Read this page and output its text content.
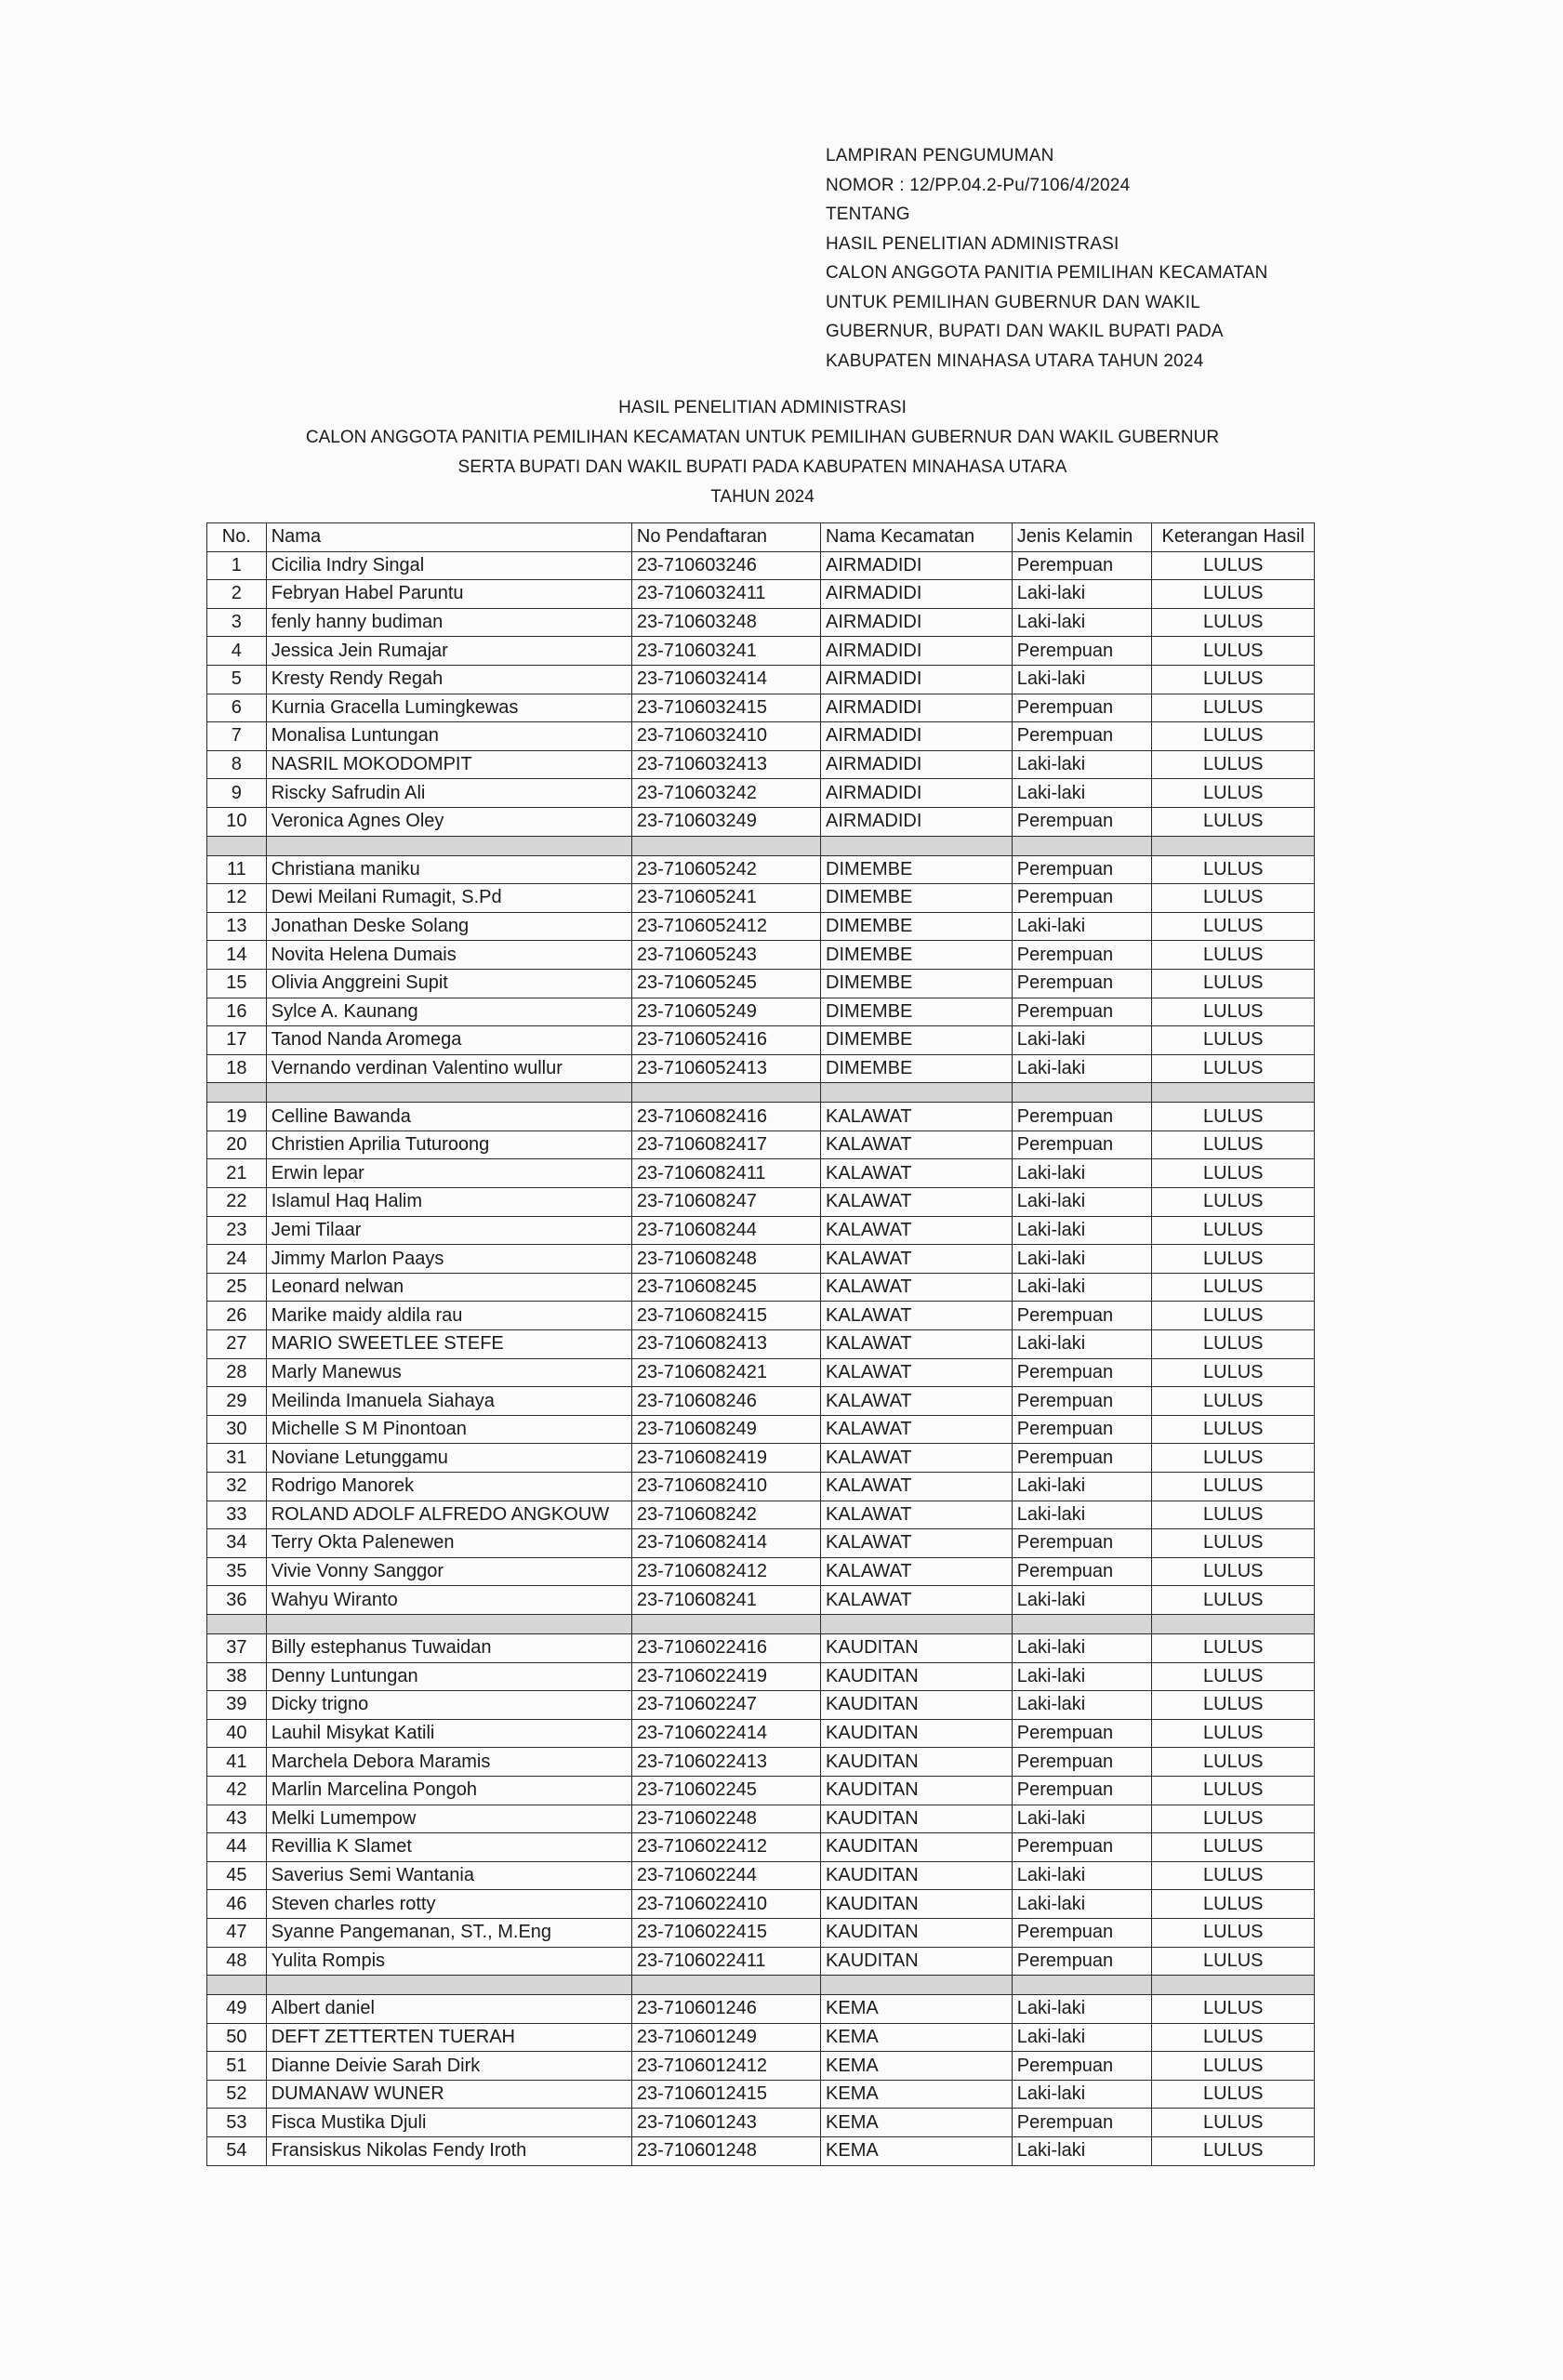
LAMPIRAN PENGUMUMAN
NOMOR : 12/PP.04.2-Pu/7106/4/2024
TENTANG
HASIL PENELITIAN ADMINISTRASI
CALON ANGGOTA PANITIA PEMILIHAN KECAMATAN
UNTUK PEMILIHAN GUBERNUR DAN WAKIL
GUBERNUR, BUPATI DAN WAKIL BUPATI PADA
KABUPATEN MINAHASA UTARA TAHUN 2024
HASIL PENELITIAN ADMINISTRASI
CALON ANGGOTA PANITIA PEMILIHAN KECAMATAN UNTUK PEMILIHAN GUBERNUR DAN WAKIL GUBERNUR
SERTA BUPATI DAN WAKIL BUPATI PADA KABUPATEN MINAHASA UTARA
TAHUN 2024
No.	Nama	No Pendaftaran	Nama Kecamatan	Jenis Kelamin	Keterangan Hasil
1	Cicilia Indry Singal	23-710603246	AIRMADIDI	Perempuan	LULUS
2	Febryan Habel Paruntu	23-7106032411	AIRMADIDI	Laki-laki	LULUS
3	fenly hanny budiman	23-710603248	AIRMADIDI	Laki-laki	LULUS
4	Jessica Jein Rumajar	23-710603241	AIRMADIDI	Perempuan	LULUS
5	Kresty Rendy Regah	23-7106032414	AIRMADIDI	Laki-laki	LULUS
6	Kurnia Gracella Lumingkewas	23-7106032415	AIRMADIDI	Perempuan	LULUS
7	Monalisa Luntungan	23-7106032410	AIRMADIDI	Perempuan	LULUS
8	NASRIL MOKODOMPIT	23-7106032413	AIRMADIDI	Laki-laki	LULUS
9	Riscky Safrudin Ali	23-710603242	AIRMADIDI	Laki-laki	LULUS
10	Veronica Agnes Oley	23-710603249	AIRMADIDI	Perempuan	LULUS

11	Christiana maniku	23-710605242	DIMEMBE	Perempuan	LULUS
12	Dewi Meilani Rumagit, S.Pd	23-710605241	DIMEMBE	Perempuan	LULUS
13	Jonathan Deske Solang	23-7106052412	DIMEMBE	Laki-laki	LULUS
14	Novita Helena Dumais	23-710605243	DIMEMBE	Perempuan	LULUS
15	Olivia Anggreini Supit	23-710605245	DIMEMBE	Perempuan	LULUS
16	Sylce A. Kaunang	23-710605249	DIMEMBE	Perempuan	LULUS
17	Tanod Nanda Aromega	23-7106052416	DIMEMBE	Laki-laki	LULUS
18	Vernando verdinan Valentino wullur	23-7106052413	DIMEMBE	Laki-laki	LULUS

19	Celline Bawanda	23-7106082416	KALAWAT	Perempuan	LULUS
20	Christien Aprilia Tuturoong	23-7106082417	KALAWAT	Perempuan	LULUS
21	Erwin lepar	23-7106082411	KALAWAT	Laki-laki	LULUS
22	Islamul Haq Halim	23-710608247	KALAWAT	Laki-laki	LULUS
23	Jemi Tilaar	23-710608244	KALAWAT	Laki-laki	LULUS
24	Jimmy Marlon Paays	23-710608248	KALAWAT	Laki-laki	LULUS
25	Leonard nelwan	23-710608245	KALAWAT	Laki-laki	LULUS
26	Marike maidy aldila rau	23-7106082415	KALAWAT	Perempuan	LULUS
27	MARIO SWEETLEE STEFE	23-7106082413	KALAWAT	Laki-laki	LULUS
28	Marly Manewus	23-7106082421	KALAWAT	Perempuan	LULUS
29	Meilinda Imanuela Siahaya	23-710608246	KALAWAT	Perempuan	LULUS
30	Michelle S M Pinontoan	23-710608249	KALAWAT	Perempuan	LULUS
31	Noviane Letunggamu	23-7106082419	KALAWAT	Perempuan	LULUS
32	Rodrigo Manorek	23-7106082410	KALAWAT	Laki-laki	LULUS
33	ROLAND ADOLF ALFREDO ANGKOUW	23-710608242	KALAWAT	Laki-laki	LULUS
34	Terry Okta Palenewen	23-7106082414	KALAWAT	Perempuan	LULUS
35	Vivie Vonny Sanggor	23-7106082412	KALAWAT	Perempuan	LULUS
36	Wahyu Wiranto	23-710608241	KALAWAT	Laki-laki	LULUS

37	Billy estephanus Tuwaidan	23-7106022416	KAUDITAN	Laki-laki	LULUS
38	Denny Luntungan	23-7106022419	KAUDITAN	Laki-laki	LULUS
39	Dicky trigno	23-710602247	KAUDITAN	Laki-laki	LULUS
40	Lauhil Misykat Katili	23-7106022414	KAUDITAN	Perempuan	LULUS
41	Marchela Debora Maramis	23-7106022413	KAUDITAN	Perempuan	LULUS
42	Marlin Marcelina Pongoh	23-710602245	KAUDITAN	Perempuan	LULUS
43	Melki Lumempow	23-710602248	KAUDITAN	Laki-laki	LULUS
44	Revillia K Slamet	23-7106022412	KAUDITAN	Perempuan	LULUS
45	Saverius Semi Wantania	23-710602244	KAUDITAN	Laki-laki	LULUS
46	Steven charles rotty	23-7106022410	KAUDITAN	Laki-laki	LULUS
47	Syanne Pangemanan, ST., M.Eng	23-7106022415	KAUDITAN	Perempuan	LULUS
48	Yulita Rompis	23-7106022411	KAUDITAN	Perempuan	LULUS

49	Albert daniel	23-710601246	KEMA	Laki-laki	LULUS
50	DEFT ZETTERTEN TUERAH	23-710601249	KEMA	Laki-laki	LULUS
51	Dianne Deivie Sarah Dirk	23-7106012412	KEMA	Perempuan	LULUS
52	DUMANAW WUNER	23-7106012415	KEMA	Laki-laki	LULUS
53	Fisca Mustika Djuli	23-710601243	KEMA	Perempuan	LULUS
54	Fransiskus Nikolas Fendy Iroth	23-710601248	KEMA	Laki-laki	LULUS
